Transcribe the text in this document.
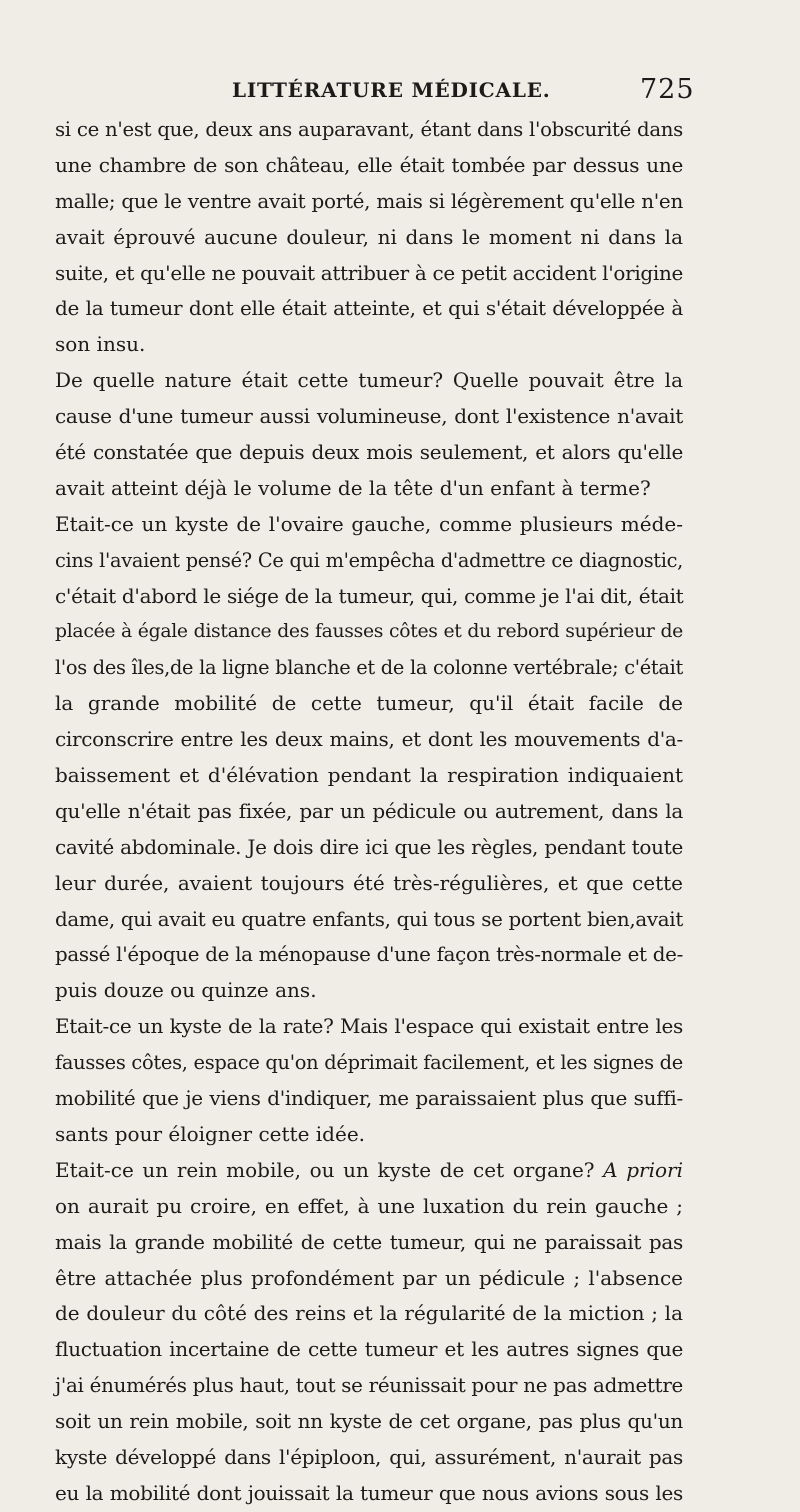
LITTÉRATURE MÉDICALE.	725
si ce n'est que, deux ans auparavant, étant dans l'obscurité dans
une chambre de son château, elle était tombée par dessus une
malle; que le ventre avait porté, mais si légèrement qu'elle n'en
avait éprouvé aucune douleur, ni dans le moment ni dans la
suite, et qu'elle ne pouvait attribuer à ce petit accident l'origine
de la tumeur dont elle était atteinte, et qui s'était développée à
son insu.
De quelle nature était cette tumeur? Quelle pouvait être la
cause d'une tumeur aussi volumineuse, dont l'existence n'avait
été constatée que depuis deux mois seulement, et alors qu'elle
avait atteint déjà le volume de la tête d'un enfant à terme?
Etait-ce un kyste de l'ovaire gauche, comme plusieurs méde-
cins l'avaient pensé? Ce qui m'empêcha d'admettre ce diagnostic,
c'était d'abord le siége de la tumeur, qui, comme je l'ai dit, était
placée à égale distance des fausses côtes et du rebord supérieur de
l'os des îles,de la ligne blanche et de la colonne vertébrale; c'était
la grande mobilité de cette tumeur, qu'il était facile de
circonscrire entre les deux mains, et dont les mouvements d'a-
baissement et d'élévation pendant la respiration indiquaient
qu'elle n'était pas fixée, par un pédicule ou autrement, dans la
cavité abdominale. Je dois dire ici que les règles, pendant toute
leur durée, avaient toujours été très-régulières, et que cette
dame, qui avait eu quatre enfants, qui tous se portent bien,avait
passé l'époque de la ménopause d'une façon très-normale et de-
puis douze ou quinze ans.
Etait-ce un kyste de la rate? Mais l'espace qui existait entre les
fausses côtes, espace qu'on déprimait facilement, et les signes de
mobilité que je viens d'indiquer, me paraissaient plus que suffi-
sants pour éloigner cette idée.
Etait-ce un rein mobile, ou un kyste de cet organe? A priori
on aurait pu croire, en effet, à une luxation du rein gauche ;
mais la grande mobilité de cette tumeur, qui ne paraissait pas
être attachée plus profondément par un pédicule ; l'absence
de douleur du côté des reins et la régularité de la miction ; la
fluctuation incertaine de cette tumeur et les autres signes que
j'ai énumérés plus haut, tout se réunissait pour ne pas admettre
soit un rein mobile, soit nn kyste de cet organe, pas plus qu'un
kyste développé dans l'épiploon, qui, assurément, n'aurait pas
eu la mobilité dont jouissait la tumeur que nous avions sous les
